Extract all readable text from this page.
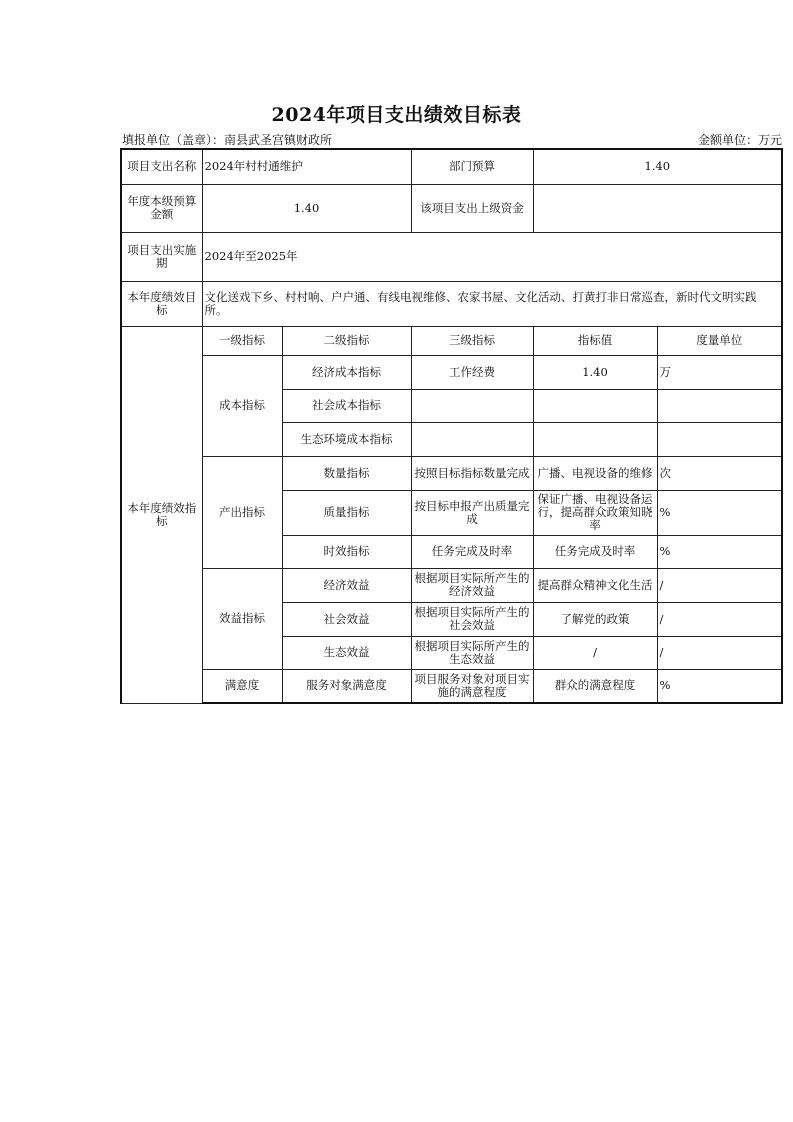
2024年项目支出绩效目标表
填报单位（盖章）：南县武圣宫镇财政所	金额单位：万元
项目支出名称	2024年村村通维护		部门预算	1.40	
年度本级预算金额	1.40		该项目支出上级资金		
项目支出实施期	2024年至2025年				
本年度绩效目标	文化送戏下乡、村村响、户户通、有线电视维修、农家书屋、文化活动、打黄打非日常巡查，新时代文明实践所。				
本年度绩效指标	一级指标	二级指标	三级指标	指标值	度量单位
	成本指标	经济成本指标	工作经费	1.40	万
		社会成本指标			
		生态环境成本指标			
	产出指标	数量指标	按照目标指标数量完成	广播、电视设备的维修	次
		质量指标	按目标申报产出质量完成	保证广播、电视设备运行，提高群众政策知晓率	%
		时效指标	任务完成及时率	任务完成及时率	%
	效益指标	经济效益	根据项目实际所产生的经济效益	提高群众精神文化生活	/
		社会效益	根据项目实际所产生的社会效益	了解党的政策	/
		生态效益	根据项目实际所产生的生态效益	/	/
	满意度	服务对象满意度	项目服务对象对项目实施的满意程度	群众的满意程度	%
